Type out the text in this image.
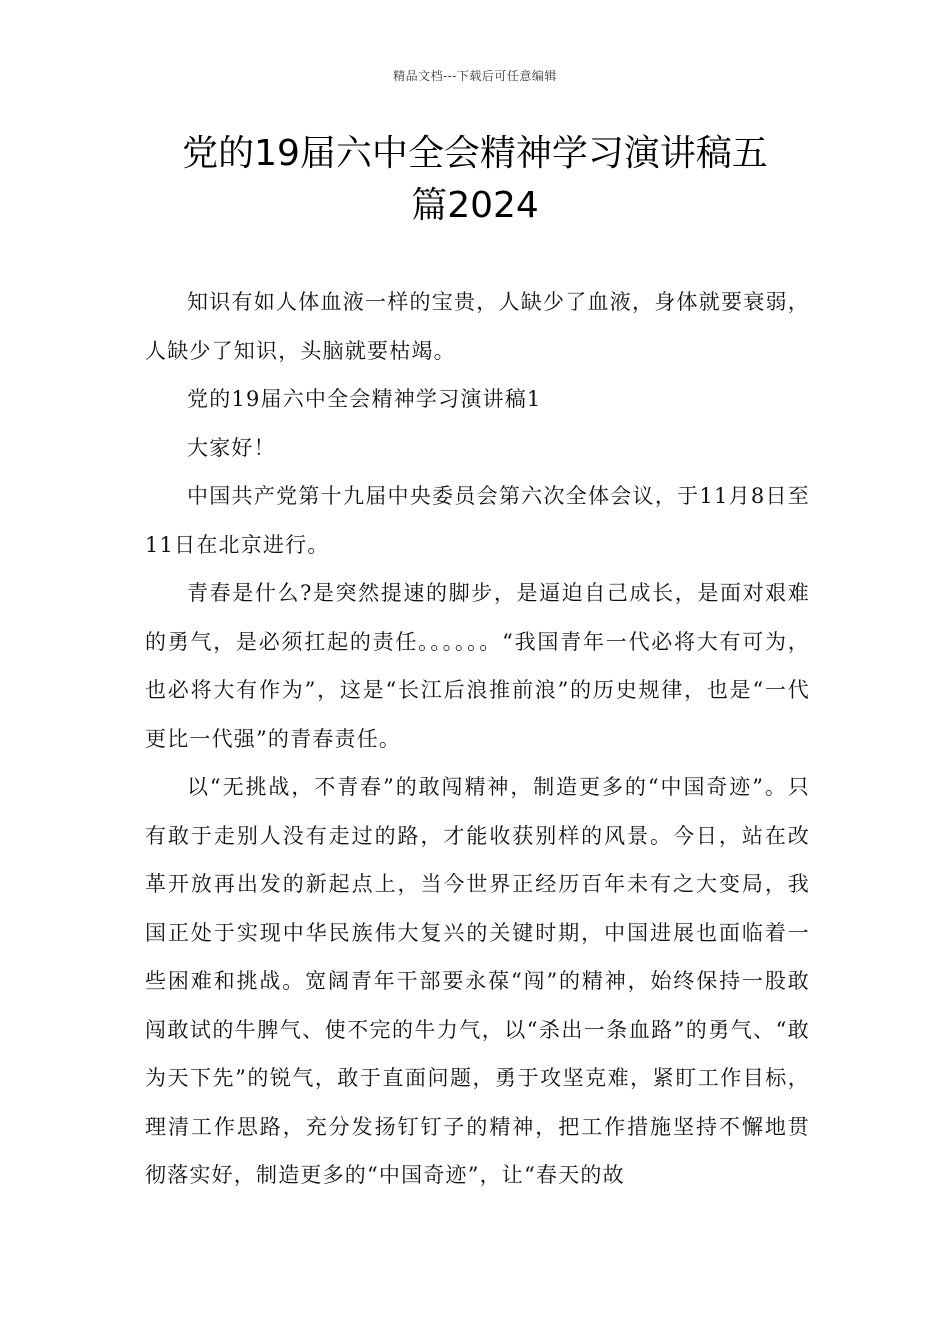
精品文档---下载后可任意编辑
党的19届六中全会精神学习演讲稿五
篇2024

知识有如人体血液一样的宝贵，人缺少了血液，身体就要衰弱，人缺少了知识，头脑就要枯竭。

党的19届六中全会精神学习演讲稿1

大家好！

中国共产党第十九届中央委员会第六次全体会议，于11月8日至11日在北京进行。

青春是什么?是突然提速的脚步，是逼迫自己成长，是面对艰难的勇气，是必须扛起的责任。。。。。。“我国青年一代必将大有可为，也必将大有作为”，这是“长江后浪推前浪”的历史规律，也是“一代更比一代强”的青春责任。

以“无挑战，不青春”的敢闯精神，制造更多的“中国奇迹”。只有敢于走别人没有走过的路，才能收获别样的风景。今日，站在改革开放再出发的新起点上，当今世界正经历百年未有之大变局，我国正处于实现中华民族伟大复兴的关键时期，中国进展也面临着一些困难和挑战。宽阔青年干部要永葆“闯”的精神，始终保持一股敢闯敢试的牛脾气、使不完的牛力气，以“杀出一条血路”的勇气、“敢为天下先”的锐气，敢于直面问题，勇于攻坚克难，紧盯工作目标，理清工作思路，充分发扬钉钉子的精神，把工作措施坚持不懈地贯彻落实好，制造更多的“中国奇迹”，让“春天的故
